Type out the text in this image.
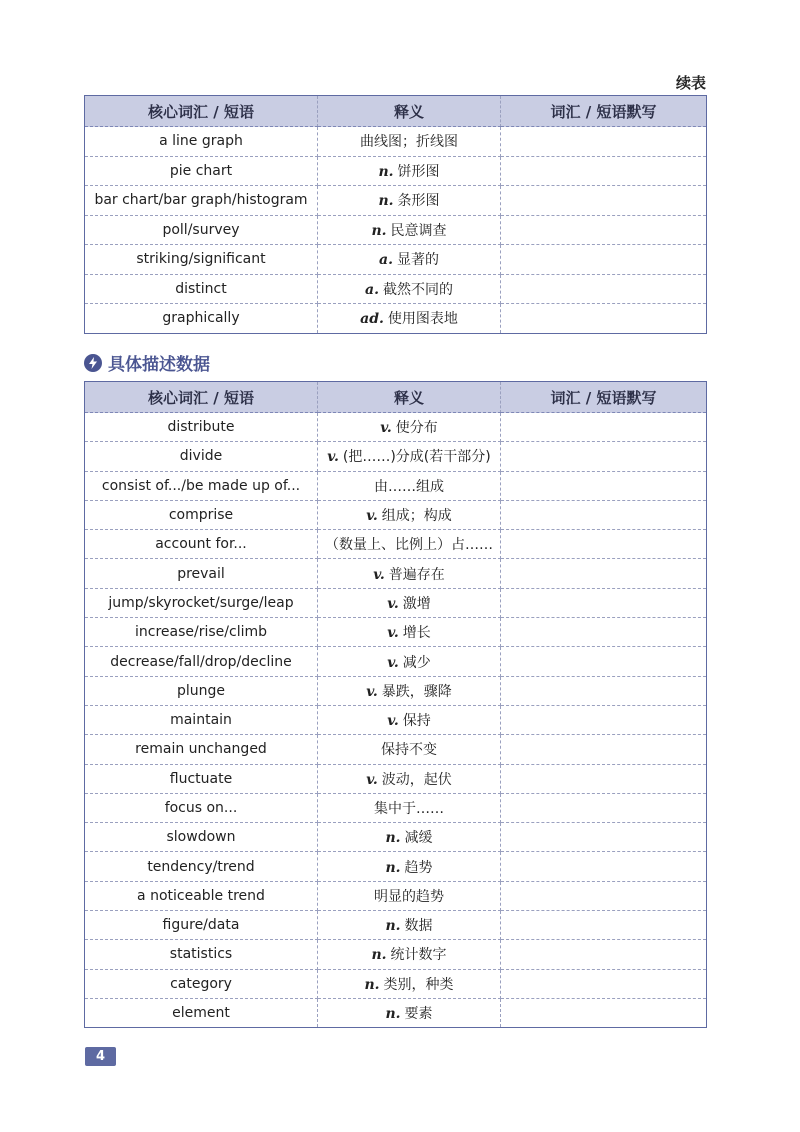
续表
核心词汇 / 短语	释义	词汇 / 短语默写
a line graph	曲线图；折线图	
pie chart	n. 饼形图	
bar chart/bar graph/histogram	n. 条形图	
poll/survey	n. 民意调查	
striking/significant	a. 显著的	
distinct	a. 截然不同的	
graphically	ad. 使用图表地	
具体描述数据
核心词汇 / 短语	释义	词汇 / 短语默写
distribute	v. 使分布	
divide	v. (把……)分成(若干部分)	
consist of.../be made up of...	由……组成	
comprise	v. 组成；构成	
account for...	（数量上、比例上）占……	
prevail	v. 普遍存在	
jump/skyrocket/surge/leap	v. 激增	
increase/rise/climb	v. 增长	
decrease/fall/drop/decline	v. 减少	
plunge	v. 暴跌，骤降	
maintain	v. 保持	
remain unchanged	保持不变	
fluctuate	v. 波动，起伏	
focus on...	集中于……	
slowdown	n. 减缓	
tendency/trend	n. 趋势	
a noticeable trend	明显的趋势	
figure/data	n. 数据	
statistics	n. 统计数字	
category	n. 类别，种类	
element	n. 要素	
4
